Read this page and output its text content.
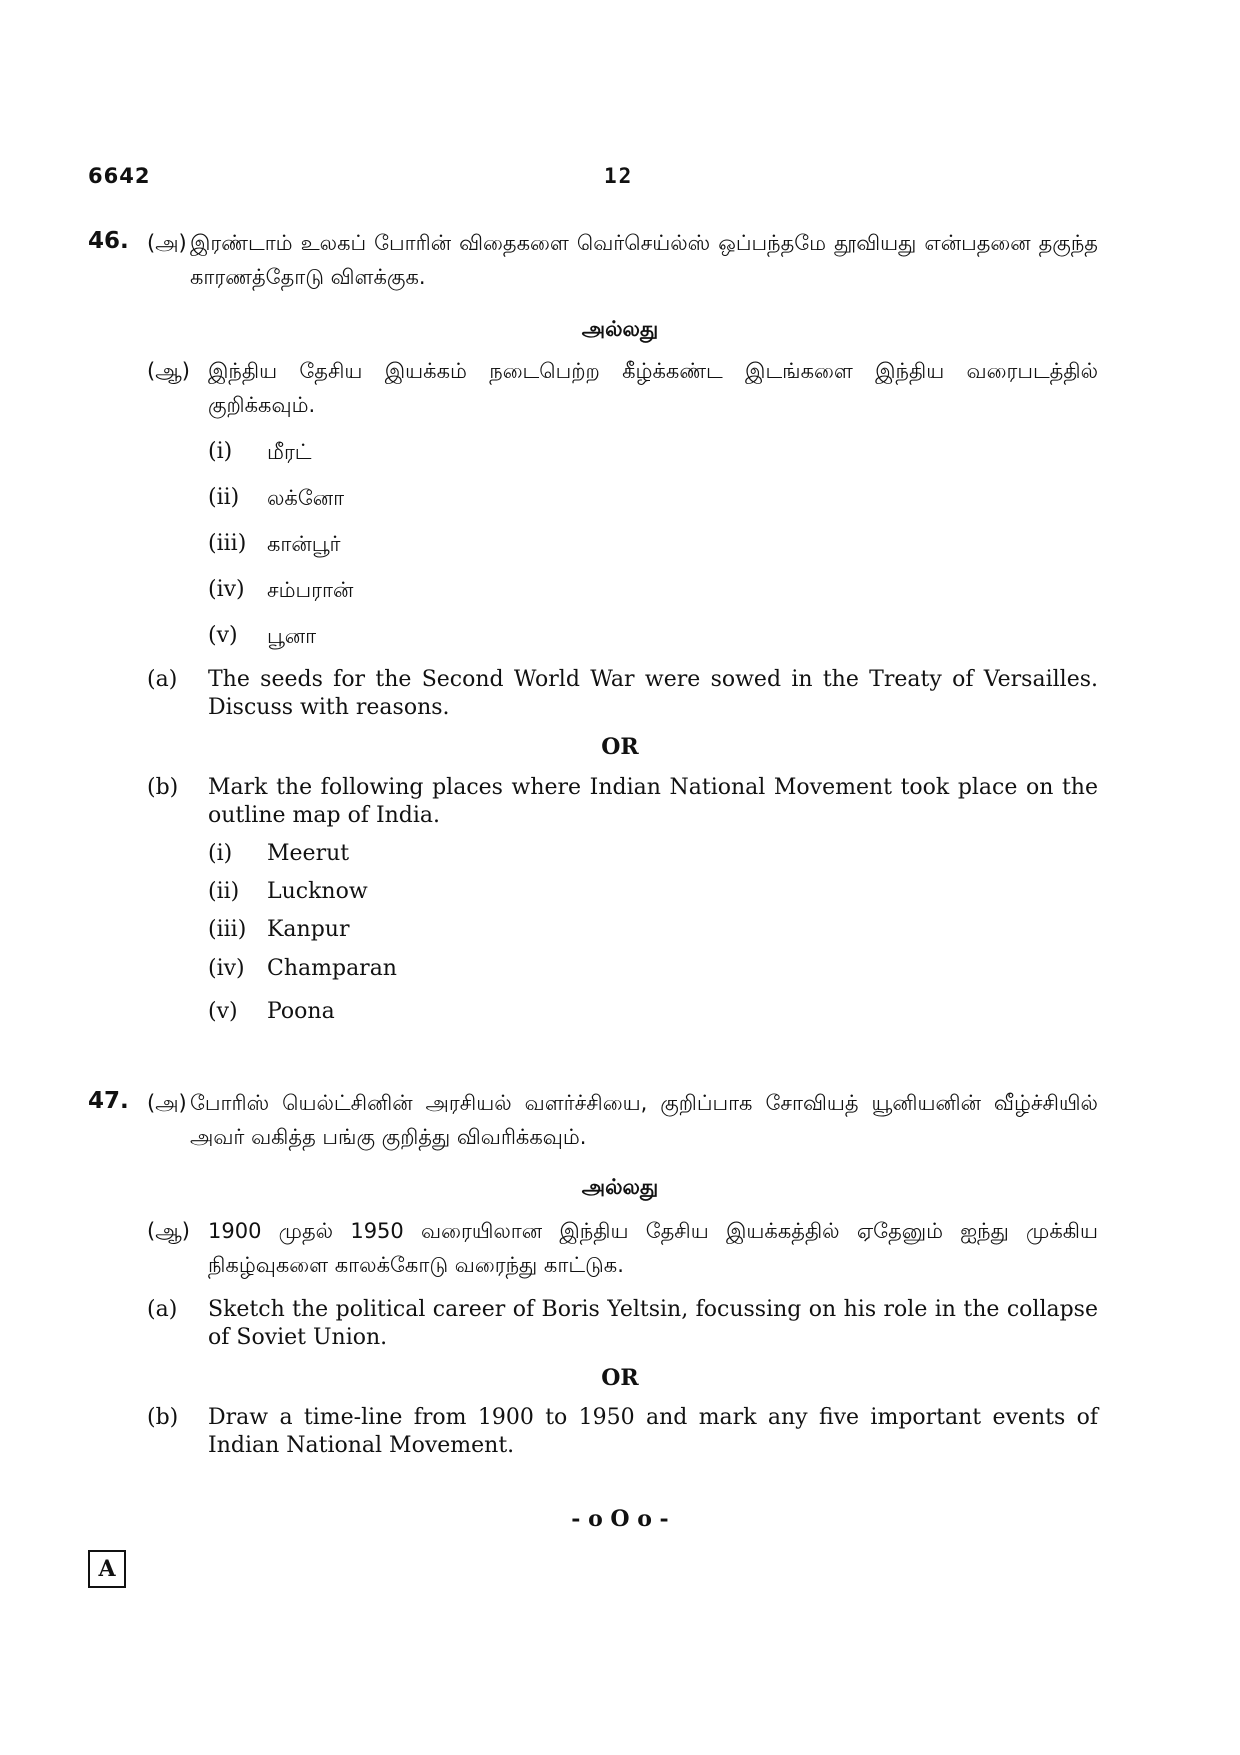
6642	12
46. (அ) இரண்டாம் உலகப் போரின் விதைகளை வெர்செய்ல்ஸ் ஒப்பந்தமே தூவியது என்பதனை தகுந்த காரணத்தோடு விளக்குக.
அல்லது
(ஆ) இந்திய தேசிய இயக்கம் நடைபெற்ற கீழ்க்கண்ட இடங்களை இந்திய வரைபடத்தில் குறிக்கவும்.
(i) மீரட்
(ii) லக்னோ
(iii) கான்பூர்
(iv) சம்பரான்
(v) பூனா
(a) The seeds for the Second World War were sowed in the Treaty of Versailles. Discuss with reasons.
OR
(b) Mark the following places where Indian National Movement took place on the outline map of India.
(i) Meerut
(ii) Lucknow
(iii) Kanpur
(iv) Champaran
(v) Poona
47. (அ) போரிஸ் யெல்ட்சினின் அரசியல் வளர்ச்சியை, குறிப்பாக சோவியத் யூனியனின் வீழ்ச்சியில் அவர் வகித்த பங்கு குறித்து விவரிக்கவும்.
அல்லது
(ஆ) 1900 முதல் 1950 வரையிலான இந்திய தேசிய இயக்கத்தில் ஏதேனும் ஐந்து முக்கிய நிகழ்வுகளை காலக்கோடு வரைந்து காட்டுக.
(a) Sketch the political career of Boris Yeltsin, focussing on his role in the collapse of Soviet Union.
OR
(b) Draw a time-line from 1900 to 1950 and mark any five important events of Indian National Movement.
- o O o -
A
